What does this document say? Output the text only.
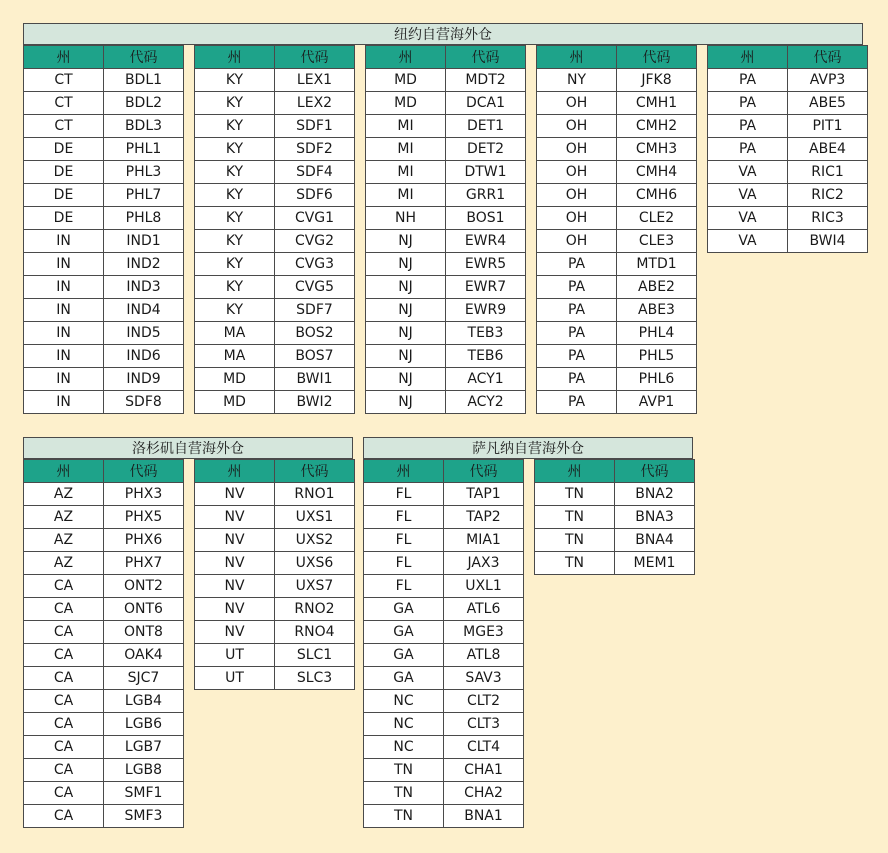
纽约自营海外仓
州	代码
CT	BDL1
CT	BDL2
CT	BDL3
DE	PHL1
DE	PHL3
DE	PHL7
DE	PHL8
IN	IND1
IN	IND2
IN	IND3
IN	IND4
IN	IND5
IN	IND6
IN	IND9
IN	SDF8
州	代码
KY	LEX1
KY	LEX2
KY	SDF1
KY	SDF2
KY	SDF4
KY	SDF6
KY	CVG1
KY	CVG2
KY	CVG3
KY	CVG5
KY	SDF7
MA	BOS2
MA	BOS7
MD	BWI1
MD	BWI2
州	代码
MD	MDT2
MD	DCA1
MI	DET1
MI	DET2
MI	DTW1
MI	GRR1
NH	BOS1
NJ	EWR4
NJ	EWR5
NJ	EWR7
NJ	EWR9
NJ	TEB3
NJ	TEB6
NJ	ACY1
NJ	ACY2
州	代码
NY	JFK8
OH	CMH1
OH	CMH2
OH	CMH3
OH	CMH4
OH	CMH6
OH	CLE2
OH	CLE3
PA	MTD1
PA	ABE2
PA	ABE3
PA	PHL4
PA	PHL5
PA	PHL6
PA	AVP1
州	代码
PA	AVP3
PA	ABE5
PA	PIT1
PA	ABE4
VA	RIC1
VA	RIC2
VA	RIC3
VA	BWI4
洛杉矶自营海外仓
州	代码
AZ	PHX3
AZ	PHX5
AZ	PHX6
AZ	PHX7
CA	ONT2
CA	ONT6
CA	ONT8
CA	OAK4
CA	SJC7
CA	LGB4
CA	LGB6
CA	LGB7
CA	LGB8
CA	SMF1
CA	SMF3
州	代码
NV	RNO1
NV	UXS1
NV	UXS2
NV	UXS6
NV	UXS7
NV	RNO2
NV	RNO4
UT	SLC1
UT	SLC3
萨凡纳自营海外仓
州	代码
FL	TAP1
FL	TAP2
FL	MIA1
FL	JAX3
FL	UXL1
GA	ATL6
GA	MGE3
GA	ATL8
GA	SAV3
NC	CLT2
NC	CLT3
NC	CLT4
TN	CHA1
TN	CHA2
TN	BNA1
州	代码
TN	BNA2
TN	BNA3
TN	BNA4
TN	MEM1
